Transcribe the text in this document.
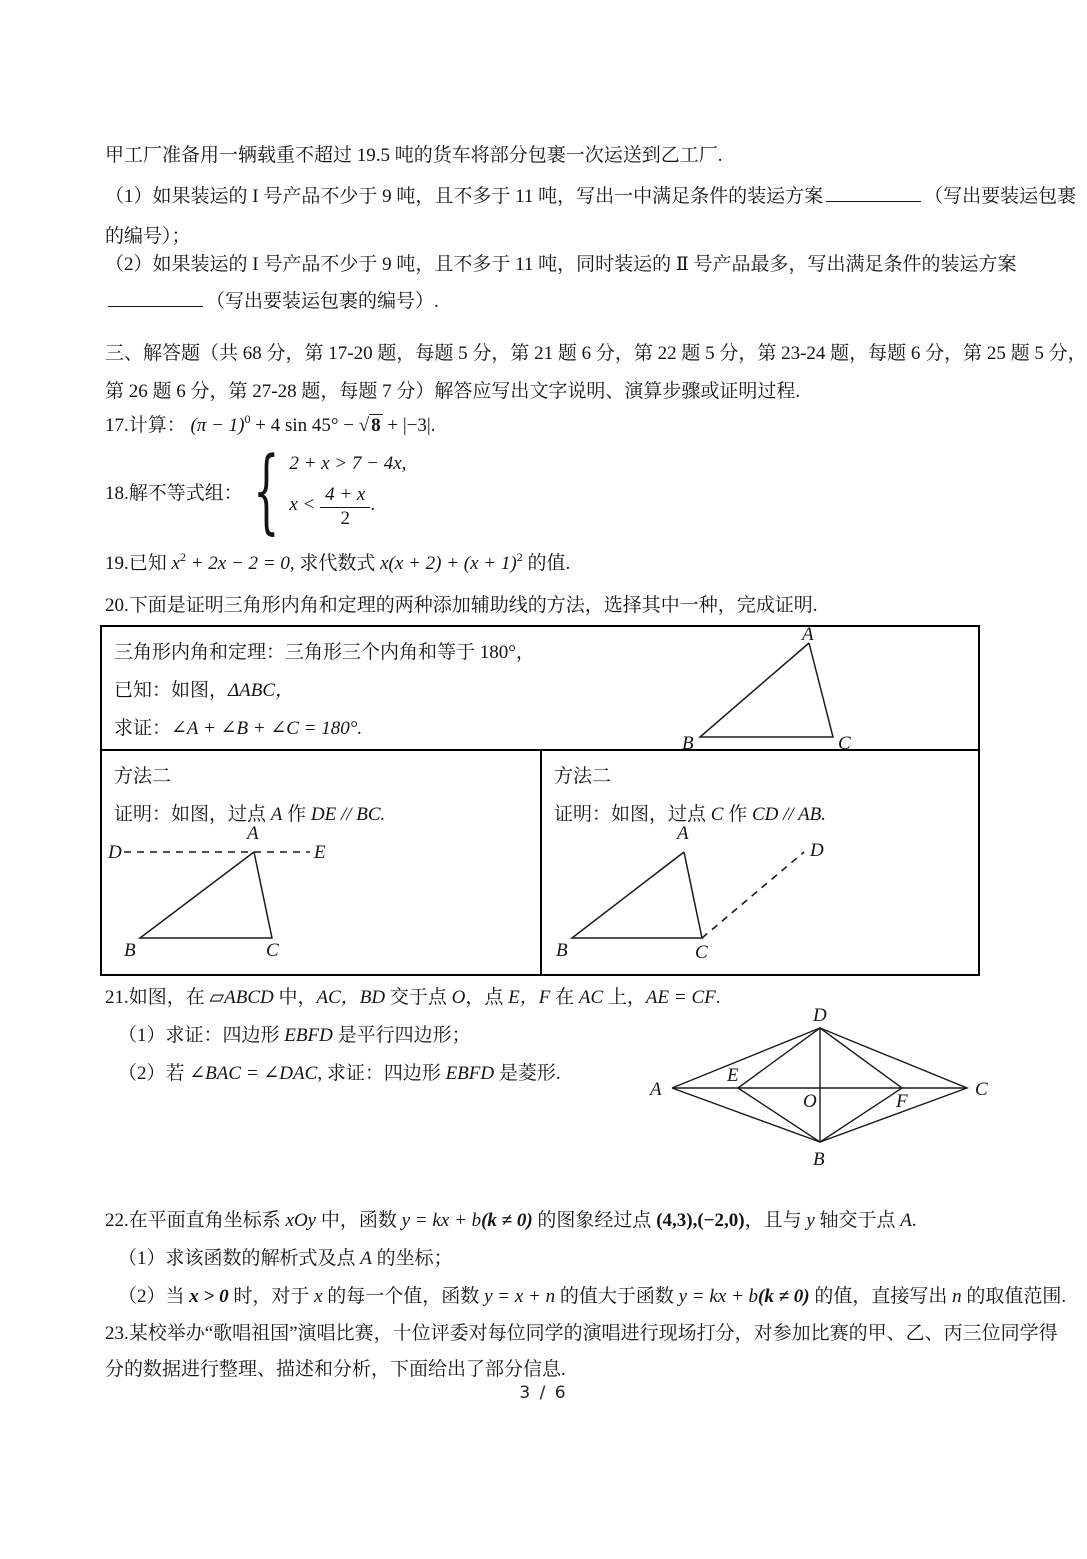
甲工厂准备用一辆载重不超过 19.5 吨的货车将部分包裹一次运送到乙工厂.
（1）如果装运的 I 号产品不少于 9 吨，且不多于 11 吨，写出一中满足条件的装运方案	（写出要装运包裹
的编号）；
（2）如果装运的 I 号产品不少于 9 吨，且不多于 11 吨，同时装运的 Ⅱ 号产品最多，写出满足条件的装运方案
（写出要装运包裹的编号）.
三、解答题（共 68 分，第 17-20 题，每题 5 分，第 21 题 6 分，第 22 题 5 分，第 23-24 题，每题 6 分，第 25 题 5 分，
第 26 题 6 分，第 27-28 题，每题 7 分）解答应写出文字说明、演算步骤或证明过程.
17.计算： $(\pi - 1)^0 + 4$ sin 45° − √ 8 + |−3|.
18.解不等式组： { 2 + x > 7 − 4x,
$x < \frac{4 + x}{2}$ .
19.已知 $x^2 + 2x - 2 = 0$, 求代数式 $x(x + 2) + (x + 1)^2$ 的值.
20.下面是证明三角形内角和定理的两种添加辅助线的方法，选择其中一种，完成证明.
三角形内角和定理：三角形三个内角和等于 180°，
已知：如图，ΔABC，
求证：∠A + ∠B + ∠C = 180°.
A
B	C
方法二
证明：如图，过点 A 作 DE // BC.
D	E
A
B	C
方法二
证明：如图，过点 C 作 CD // AB.
A
B	C
D
21.如图，在 ▱ABCD 中，AC，BD 交于点 O，点 E，F 在 AC 上，AE = CF.
（1）求证：四边形 EBFD 是平行四边形；
（2）若 ∠BAC = ∠DAC, 求证：四边形 EBFD 是菱形.
D
A	C
B
E
O	F
22.在平面直角坐标系 xOy 中，函数 y = kx + b(k ≠ 0) 的图象经过点 (4,3),(−2,0)，且与 y 轴交于点 A.
（1）求该函数的解析式及点 A 的坐标；
（2）当 x > 0 时，对于 x 的每一个值，函数 y = x + n 的值大于函数 y = kx + b(k ≠ 0) 的值，直接写出 n 的取值范围.
23.某校举办“歌唱祖国”演唱比赛，十位评委对每位同学的演唱进行现场打分，对参加比赛的甲、乙、丙三位同学得
分的数据进行整理、描述和分析，下面给出了部分信息.
3 / 6
